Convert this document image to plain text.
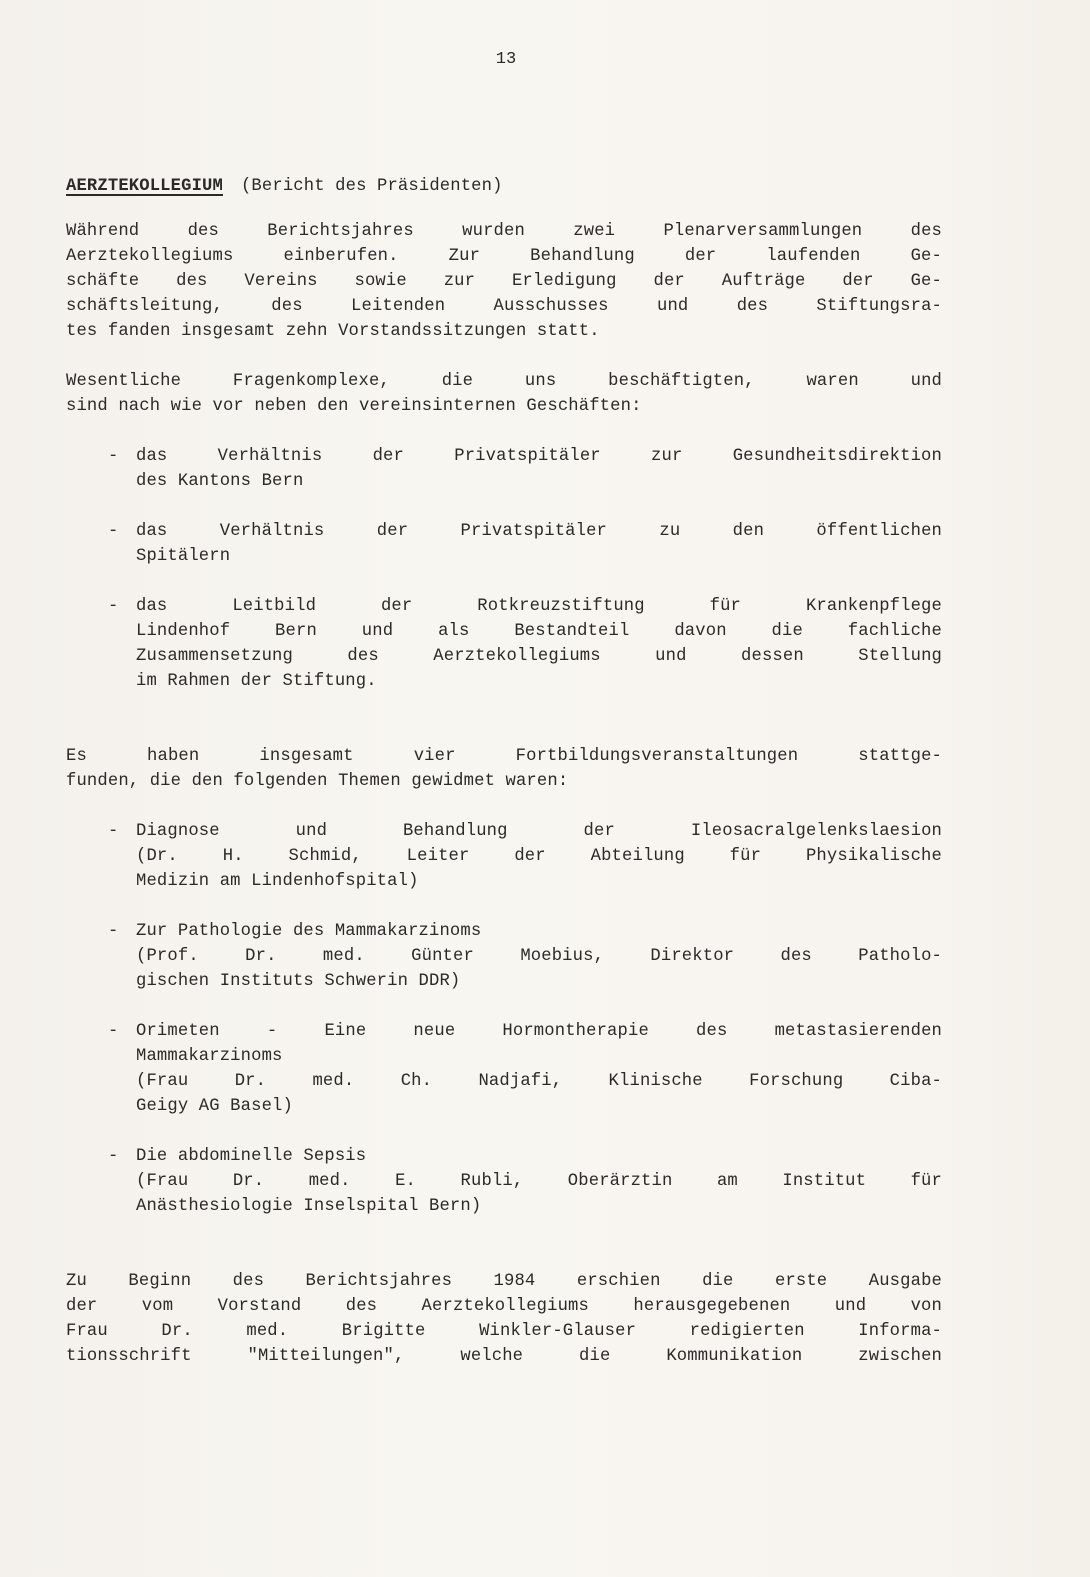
13
AERZTEKOLLEGIUM (Bericht des Präsidenten)

Während des Berichtsjahres wurden zwei Plenarversammlungen des
Aerztekollegiums einberufen. Zur Behandlung der laufenden Ge-
schäfte des Vereins sowie zur Erledigung der Aufträge der Ge-
schäftsleitung, des Leitenden Ausschusses und des Stiftungsra-
tes fanden insgesamt zehn Vorstandssitzungen statt.

Wesentliche Fragenkomplexe, die uns beschäftigten, waren und
sind nach wie vor neben den vereinsinternen Geschäften:

- das Verhältnis der Privatspitäler zur Gesundheitsdirektion
des Kantons Bern
- das Verhältnis der Privatspitäler zu den öffentlichen
Spitälern
- das Leitbild der Rotkreuzstiftung für Krankenpflege
Lindenhof Bern und als Bestandteil davon die fachliche
Zusammensetzung des Aerztekollegiums und dessen Stellung
im Rahmen der Stiftung.

Es haben insgesamt vier Fortbildungsveranstaltungen stattge-
funden, die den folgenden Themen gewidmet waren:

- Diagnose und Behandlung der Ileosacralgelenkslaesion
(Dr. H. Schmid, Leiter der Abteilung für Physikalische
Medizin am Lindenhofspital)
- Zur Pathologie des Mammakarzinoms
(Prof. Dr. med. Günter Moebius, Direktor des Patholo-
gischen Instituts Schwerin DDR)
- Orimeten - Eine neue Hormontherapie des metastasierenden
Mammakarzinoms
(Frau Dr. med. Ch. Nadjafi, Klinische Forschung Ciba-
Geigy AG Basel)
- Die abdominelle Sepsis
(Frau Dr. med. E. Rubli, Oberärztin am Institut für
Anästhesiologie Inselspital Bern)

Zu Beginn des Berichtsjahres 1984 erschien die erste Ausgabe
der vom Vorstand des Aerztekollegiums herausgegebenen und von
Frau Dr. med. Brigitte Winkler-Glauser redigierten Informa-
tionsschrift "Mitteilungen", welche die Kommunikation zwischen
